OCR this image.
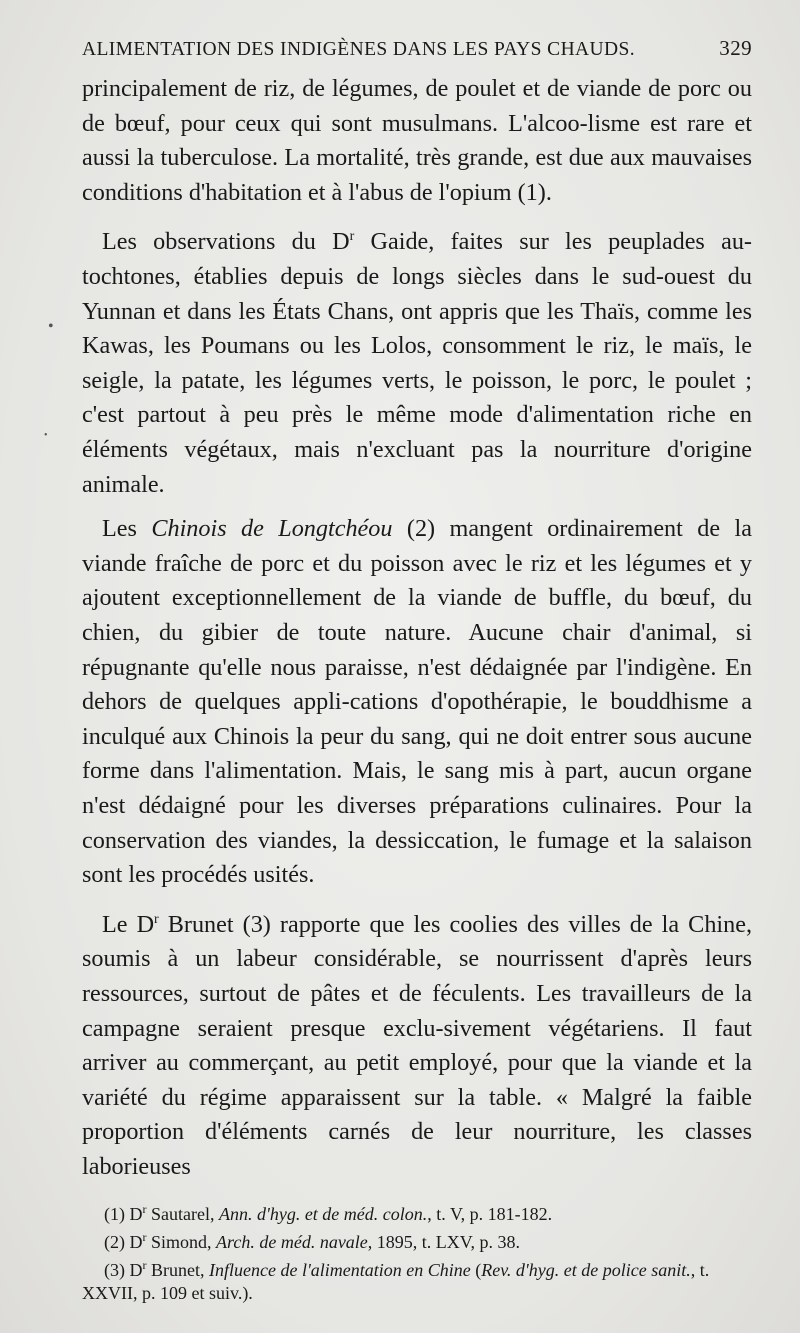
ALIMENTATION DES INDIGÈNES DANS LES PAYS CHAUDS.	329

principalement de riz, de légumes, de poulet et de viande de porc ou de bœuf, pour ceux qui sont musulmans. L'alcoo-lisme est rare et aussi la tuberculose. La mortalité, très grande, est due aux mauvaises conditions d'habitation et à l'abus de l'opium (1).

Les observations du $D^r$ Gaide, faites sur les peuplades au-tochtones, établies depuis de longs siècles dans le sud-ouest du Yunnan et dans les États Chans, ont appris que les Thaïs, comme les Kawas, les Poumans ou les Lolos, consomment le riz, le maïs, le seigle, la patate, les légumes verts, le poisson, le porc, le poulet ; c'est partout à peu près le même mode d'alimentation riche en éléments végétaux, mais n'excluant pas la nourriture d'origine animale.

Les Chinois de Longtchéou (2) mangent ordinairement de la viande fraîche de porc et du poisson avec le riz et les légumes et y ajoutent exceptionnellement de la viande de buffle, du bœuf, du chien, du gibier de toute nature. Aucune chair d'animal, si répugnante qu'elle nous paraisse, n'est dédaignée par l'indigène. En dehors de quelques appli-cations d'opothérapie, le bouddhisme a inculqué aux Chinois la peur du sang, qui ne doit entrer sous aucune forme dans l'alimentation. Mais, le sang mis à part, aucun organe n'est dédaigné pour les diverses préparations culinaires. Pour la conservation des viandes, la dessiccation, le fumage et la salaison sont les procédés usités.

Le $D^r$ Brunet (3) rapporte que les coolies des villes de la Chine, soumis à un labeur considérable, se nourrissent d'après leurs ressources, surtout de pâtes et de féculents. Les travailleurs de la campagne seraient presque exclu-sivement végétariens. Il faut arriver au commerçant, au petit employé, pour que la viande et la variété du régime apparaissent sur la table. « Malgré la faible proportion d'éléments carnés de leur nourriture, les classes laborieuses

(1) $D^r$ Sautarel, Ann. d'hyg. et de méd. colon., t. V, p. 181-182.

(2) $D^r$ Simond, Arch. de méd. navale, 1895, t. LXV, p. 38.

(3) $D^r$ Brunet, Influence de l'alimentation en Chine (Rev. d'hyg. et de police sanit., t. XXVII, p. 109 et suiv.).

•
•
